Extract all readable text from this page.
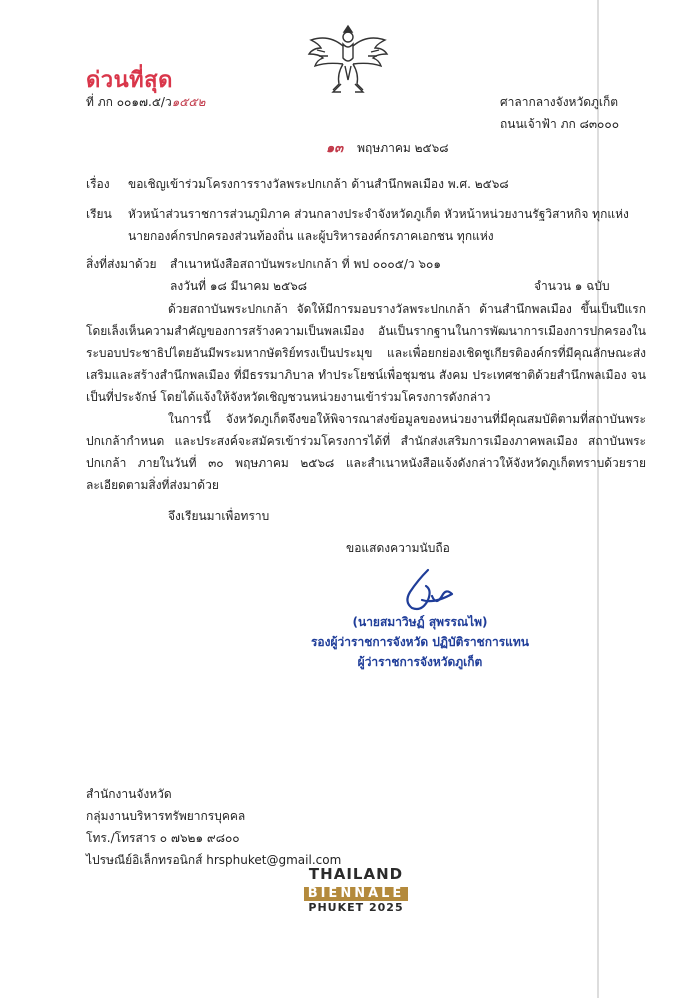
ด่วนที่สุด
ที่ ภก ๐๐๑๗.๕/ว๑๕๕๒	ศาลากลางจังหวัดภูเก็ต
ถนนเจ้าฟ้า ภก ๘๓๐๐๐
๑๓ พฤษภาคม ๒๕๖๘
เรื่อง ขอเชิญเข้าร่วมโครงการรางวัลพระปกเกล้า ด้านสำนึกพลเมือง พ.ศ. ๒๕๖๘
เรียน หัวหน้าส่วนราชการส่วนภูมิภาค ส่วนกลางประจำจังหวัดภูเก็ต หัวหน้าหน่วยงานรัฐวิสาหกิจ ทุกแห่ง
นายกองค์กรปกครองส่วนท้องถิ่น และผู้บริหารองค์กรภาคเอกชน ทุกแห่ง
สิ่งที่ส่งมาด้วย สำเนาหนังสือสถาบันพระปกเกล้า ที่ พป ๐๐๐๕/ว ๖๐๑
ลงวันที่ ๑๘ มีนาคม ๒๕๖๘	จำนวน ๑ ฉบับ
ด้วยสถาบันพระปกเกล้า จัดให้มีการมอบรางวัลพระปกเกล้า ด้านสำนึกพลเมือง ขึ้นเป็นปีแรก โดยเล็งเห็นความสำคัญของการสร้างความเป็นพลเมือง อันเป็นรากฐานในการพัฒนาการเมืองการปกครองในระบอบประชาธิปไตยอันมีพระมหากษัตริย์ทรงเป็นประมุข และเพื่อยกย่องเชิดชูเกียรติองค์กรที่มีคุณลักษณะส่งเสริมและสร้างสำนึกพลเมือง ที่มีธรรมาภิบาล ทำประโยชน์เพื่อชุมชน สังคม ประเทศชาติด้วยสำนึกพลเมือง จนเป็นที่ประจักษ์ โดยได้แจ้งให้จังหวัดเชิญชวนหน่วยงานเข้าร่วมโครงการดังกล่าว
ในการนี้ จังหวัดภูเก็ตจึงขอให้พิจารณาส่งข้อมูลของหน่วยงานที่มีคุณสมบัติตามที่สถาบันพระปกเกล้ากำหนด และประสงค์จะสมัครเข้าร่วมโครงการได้ที่ สำนักส่งเสริมการเมืองภาคพลเมือง สถาบันพระปกเกล้า ภายในวันที่ ๓๐ พฤษภาคม ๒๕๖๘ และสำเนาหนังสือแจ้งดังกล่าวให้จังหวัดภูเก็ตทราบด้วยรายละเอียดตามสิ่งที่ส่งมาด้วย
จึงเรียนมาเพื่อทราบ
ขอแสดงความนับถือ
(นายสมาวิษฏ์ สุพรรณไพ)
รองผู้ว่าราชการจังหวัด ปฏิบัติราชการแทน
ผู้ว่าราชการจังหวัดภูเก็ต
สำนักงานจังหวัด
กลุ่มงานบริหารทรัพยากรบุคคล
โทร./โทรสาร ๐ ๗๖๒๑ ๙๘๐๐
ไปรษณีย์อิเล็กทรอนิกส์ hrsphuket@gmail.com
THAILAND
BIENNALE
PHUKET 2025
